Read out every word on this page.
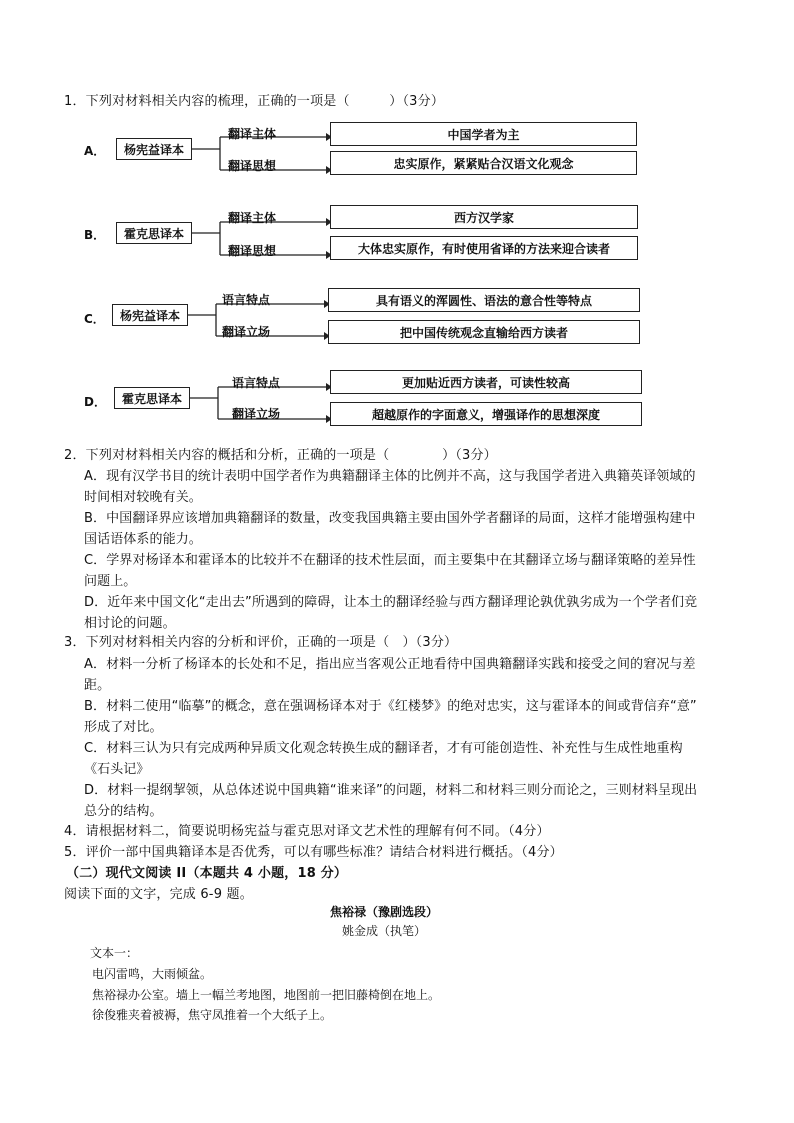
1．下列对材料相关内容的梳理，正确的一项是（　　　）（3分）
A．	杨宪益译本
翻译主体
翻译思想
中国学者为主
忠实原作，紧紧贴合汉语文化观念
B．	霍克思译本
翻译主体
翻译思想
西方汉学家
大体忠实原作，有时使用省译的方法来迎合读者
C．	杨宪益译本
语言特点
翻译立场
具有语义的浑圆性、语法的意合性等特点
把中国传统观念直输给西方读者
D．	霍克思译本
语言特点
翻译立场
更加贴近西方读者，可读性较高
超越原作的字面意义，增强译作的思想深度
2．下列对材料相关内容的概括和分析，正确的一项是（　　　　）（3分）
A．现有汉学书目的统计表明中国学者作为典籍翻译主体的比例并不高，这与我国学者进入典籍英译领域的
时间相对较晚有关。
B．中国翻译界应该增加典籍翻译的数量，改变我国典籍主要由国外学者翻译的局面，这样才能增强构建中
国话语体系的能力。
C．学界对杨译本和霍译本的比较并不在翻译的技术性层面，而主要集中在其翻译立场与翻译策略的差异性
问题上。
D．近年来中国文化“走出去”所遇到的障碍，让本土的翻译经验与西方翻译理论孰优孰劣成为一个学者们竞
相讨论的问题。
3．下列对材料相关内容的分析和评价，正确的一项是（　）（3分）
A．材料一分析了杨译本的长处和不足，指出应当客观公正地看待中国典籍翻译实践和接受之间的窘况与差
距。
B．材料二使用“临摹”的概念，意在强调杨译本对于《红楼梦》的绝对忠实，这与霍译本的间或背信弃“意”
形成了对比。
C．材料三认为只有完成两种异质文化观念转换生成的翻译者，才有可能创造性、补充性与生成性地重构
《石头记》
D．材料一提纲挈领，从总体述说中国典籍“谁来译”的问题，材料二和材料三则分而论之，三则材料呈现出
总分的结构。
4．请根据材料二，简要说明杨宪益与霍克思对译文艺术性的理解有何不同。（4分）
5．评价一部中国典籍译本是否优秀，可以有哪些标准？请结合材料进行概括。（4分）
（二）现代文阅读 II（本题共 4 小题，18 分）
阅读下面的文字，完成 6-9 题。
焦裕禄（豫剧选段）
姚金成（执笔）
文本一：
电闪雷鸣，大雨倾盆。
焦裕禄办公室。墙上一幅兰考地图，地图前一把旧藤椅倒在地上。
徐俊雅夹着被褥，焦守凤推着一个大纸子上。
